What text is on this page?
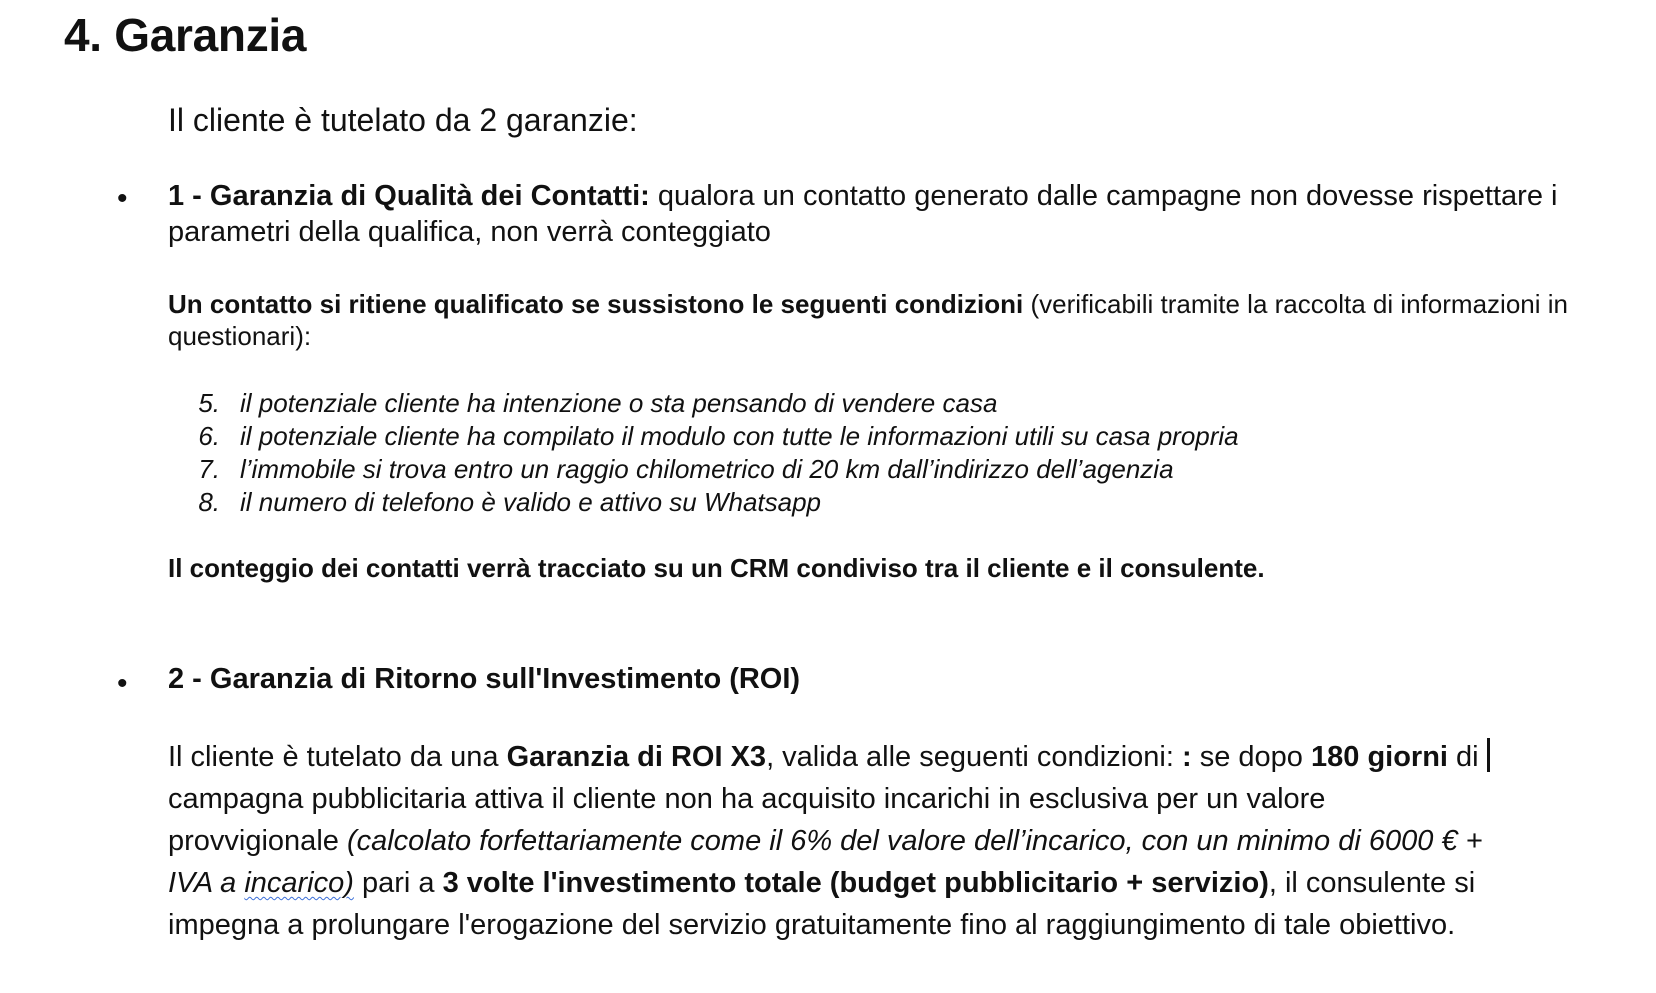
4. Garanzia
Il cliente è tutelato da 2 garanzie:
• 1 - Garanzia di Qualità dei Contatti: qualora un contatto generato dalle campagne non dovesse rispettare i parametri della qualifica, non verrà conteggiato
Un contatto si ritiene qualificato se sussistono le seguenti condizioni (verificabili tramite la raccolta di informazioni in questionari):
5. il potenziale cliente ha intenzione o sta pensando di vendere casa
6. il potenziale cliente ha compilato il modulo con tutte le informazioni utili su casa propria
7. l’immobile si trova entro un raggio chilometrico di 20 km dall’indirizzo dell’agenzia
8. il numero di telefono è valido e attivo su Whatsapp
Il conteggio dei contatti verrà tracciato su un CRM condiviso tra il cliente e il consulente.
• 2 - Garanzia di Ritorno sull'Investimento (ROI)
Il cliente è tutelato da una Garanzia di ROI X3, valida alle seguenti condizioni: : se dopo 180 giorni di
campagna pubblicitaria attiva il cliente non ha acquisito incarichi in esclusiva per un valore
provvigionale (calcolato forfettariamente come il 6% del valore dell’incarico, con un minimo di 6000 € +
IVA a incarico) pari a 3 volte l'investimento totale (budget pubblicitario + servizio), il consulente si
impegna a prolungare l'erogazione del servizio gratuitamente fino al raggiungimento di tale obiettivo.
